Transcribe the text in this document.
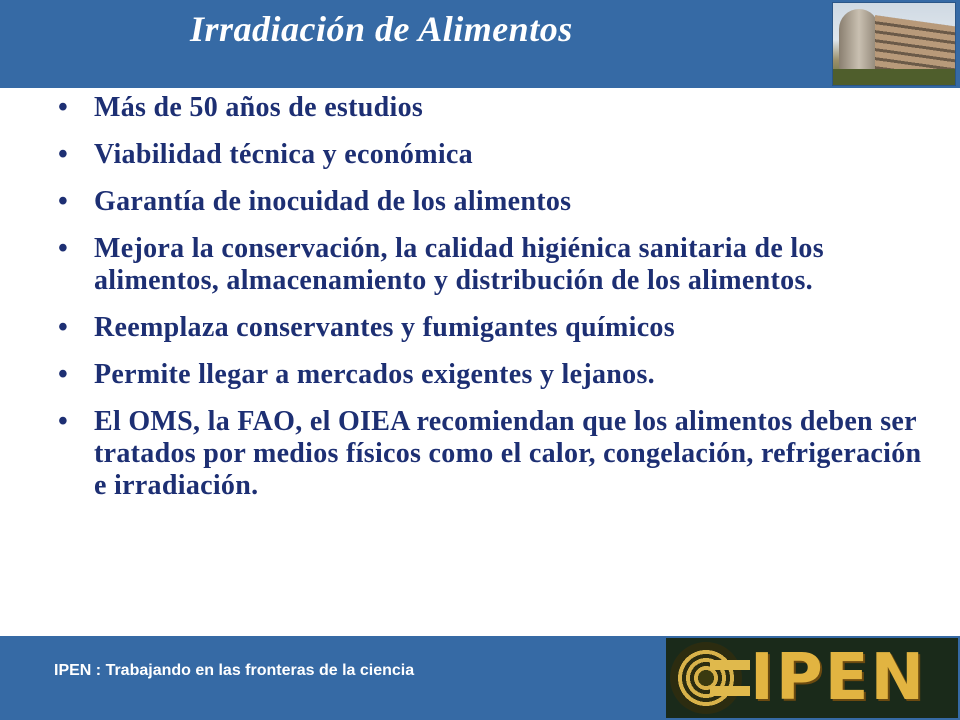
Irradiación de Alimentos
• Más de 50 años de estudios
• Viabilidad técnica y económica
• Garantía de inocuidad de los alimentos
• Mejora la conservación, la calidad higiénica sanitaria de los alimentos, almacenamiento y distribución de los alimentos.
• Reemplaza conservantes y fumigantes químicos
• Permite llegar a mercados exigentes y lejanos.
• El OMS, la FAO, el OIEA recomiendan que los alimentos deben ser tratados por medios físicos como el calor, congelación, refrigeración e irradiación.
IPEN : Trabajando en las fronteras de la ciencia	IPEN
